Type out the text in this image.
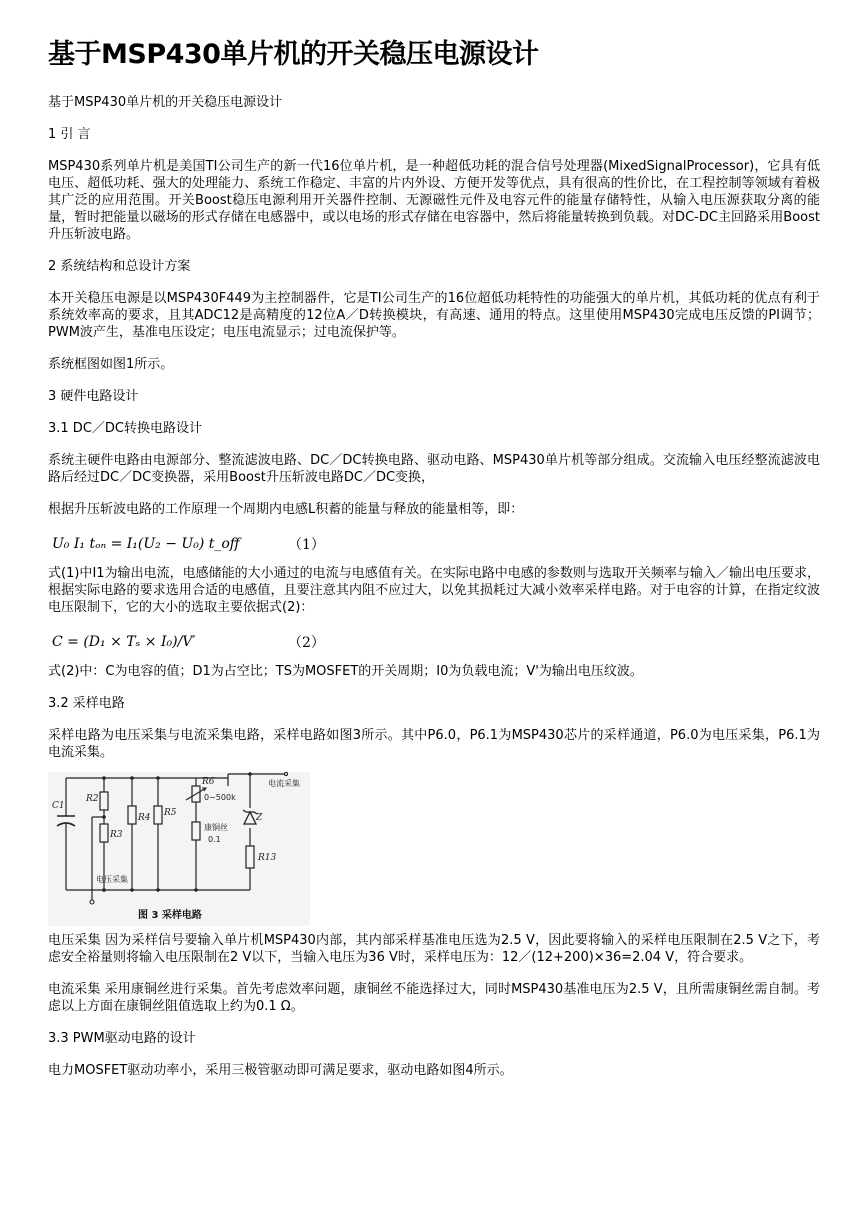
基于MSP430单片机的开关稳压电源设计
基于MSP430单片机的开关稳压电源设计
1 引 言
MSP430系列单片机是美国TI公司生产的新一代16位单片机，是一种超低功耗的混合信号处理器(MixedSignalProcessor)，它具有低电压、超低功耗、强大的处理能力、系统工作稳定、丰富的片内外设、方便开发等优点，具有很高的性价比，在工程控制等领域有着极其广泛的应用范围。开关Boost稳压电源利用开关器件控制、无源磁性元件及电容元件的能量存储特性，从输入电压源获取分离的能量，暂时把能量以磁场的形式存储在电感器中，或以电场的形式存储在电容器中，然后将能量转换到负载。对DC-DC主回路采用Boost升压斩波电路。
2 系统结构和总设计方案
本开关稳压电源是以MSP430F449为主控制器件，它是TI公司生产的16位超低功耗特性的功能强大的单片机，其低功耗的优点有利于系统效率高的要求，且其ADC12是高精度的12位A／D转换模块，有高速、通用的特点。这里使用MSP430完成电压反馈的PI调节；PWM波产生，基准电压设定；电压电流显示；过电流保护等。
系统框图如图1所示。
3 硬件电路设计
3.1 DC／DC转换电路设计
系统主硬件电路由电源部分、整流滤波电路、DC／DC转换电路、驱动电路、MSP430单片机等部分组成。交流输入电压经整流滤波电路后经过DC／DC变换器，采用Boost升压斩波电路DC／DC变换，
根据升压斩波电路的工作原理一个周期内电感L积蓄的能量与释放的能量相等，即：
U₀ I₁ tₒₙ = I₁(U₂ − U₀) t_off	（1）
式(1)中I1为输出电流，电感储能的大小通过的电流与电感值有关。在实际电路中电感的参数则与选取开关频率与输入／输出电压要求，根据实际电路的要求选用合适的电感值，且要注意其内阻不应过大，以免其损耗过大减小效率采样电路。对于电容的计算，在指定纹波电压限制下，它的大小的选取主要依据式(2)：
C = (D₁ × Tₛ × I₀)/V′	（2）
式(2)中：C为电容的值；D1为占空比；TS为MOSFET的开关周期；I0为负载电流；V'为输出电压纹波。
3.2 采样电路
采样电路为电压采集与电流采集电路，采样电路如图3所示。其中P6.0，P6.1为MSP430芯片的采样通道，P6.0为电压采集，P6.1为电流采集。
C1
R2
R3
R4 R5
R6
Z
R13
0~500k
康铜丝
0.1
电流采集
电压采集
图 3 采样电路
电压采集 因为采样信号要输入单片机MSP430内部，其内部采样基准电压选为2.5 V，因此要将输入的采样电压限制在2.5 V之下，考虑安全裕量则将输入电压限制在2 V以下，当输入电压为36 V时，采样电压为：12／(12+200)×36=2.04 V，符合要求。
电流采集 采用康铜丝进行采集。首先考虑效率问题，康铜丝不能选择过大，同时MSP430基准电压为2.5 V，且所需康铜丝需自制。考虑以上方面在康铜丝阻值选取上约为0.1 Ω。
3.3 PWM驱动电路的设计
电力MOSFET驱动功率小，采用三极管驱动即可满足要求，驱动电路如图4所示。
